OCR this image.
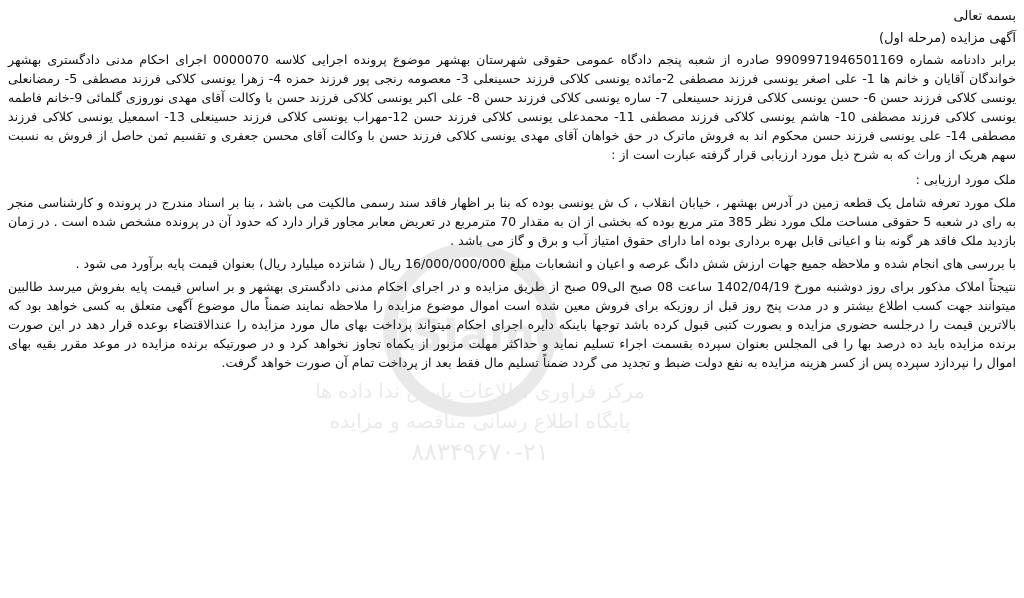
بسمه تعالی

آگهی مزایده (مرحله اول)

برابر دادنامه شماره 9909971946501169 صادره از شعبه پنجم دادگاه عمومی حقوقی شهرستان بهشهر موضوع پرونده اجرایی کلاسه 0000070 اجرای احکام مدنی دادگستری بهشهر خواندگان آقایان و خانم ها 1- علی اصغر یونسی فرزند مصطفی 2-مائده یونسی کلاکی فرزند حسینعلی 3- معصومه رنجی پور فرزند حمزه 4- زهرا یونسی کلاکی فرزند مصطفی 5- رمضانعلی یونسی کلاکی فرزند حسن 6- حسن یونسی کلاکی فرزند حسینعلی 7- ساره یونسی کلاکی فرزند حسن 8- علی اکبر یونسی کلاکی فرزند حسن با وکالت آقای مهدی نوروزی گلمائی 9-خانم فاطمه یونسی کلاکی فرزند مصطفی 10- هاشم یونسی کلاکی فرزند مصطفی 11- محمدعلی یونسی کلاکی فرزند حسن 12-مهراب یونسی کلاکی فرزند حسینعلی 13- اسمعیل یونسی کلاکی فرزند مصطفی 14- علی یونسی فرزند حسن محکوم اند به فروش ماترک در حق خواهان آقای مهدی یونسی کلاکی فرزند حسن با وکالت آقای محسن جعفری و تقسیم ثمن حاصل از فروش به نسبت سهم هریک از وراث که به شرح ذیل مورد ارزیابی قرار گرفته عبارت است از :

ملک مورد ارزیابی :

ملک مورد تعرفه شامل یک قطعه زمین در آدرس بهشهر ، خیابان انقلاب ، ک ش یونسی بوده که بنا بر اظهار فاقد سند رسمی مالکیت می باشد ، بنا بر اسناد مندرج در پرونده و کارشناسی منجر به رای در شعبه 5 حقوقی مساحت ملک مورد نظر 385 متر مربع بوده که بخشی از ان به مقدار 70 مترمربع در تعریض معابر مجاور قرار دارد که حدود آن در پرونده مشخص شده است . در زمان بازدید ملک فاقد هر گونه بنا و اعیانی قابل بهره برداری بوده اما دارای حقوق امتیاز آب و برق و گاز می باشد .

با بررسی های انجام شده و ملاحظه جمیع جهات ارزش شش دانگ عرصه و اعیان و انشعابات مبلغ 16/000/000/000 ریال ( شانزده میلیارد ریال) بعنوان قیمت پایه برآورد می شود .

نتیجتاً املاک مذکور برای روز دوشنبه مورخ 1402/04/19 ساعت 08 صبح الی09 صبح از طریق مزایده و در اجرای احکام مدنی دادگستری بهشهر و بر اساس قیمت پایه بفروش میرسد طالبین میتوانند جهت کسب اطلاع بیشتر و در مدت پنج روز قبل از روزیکه برای فروش معین شده است اموال موضوع مزایده را ملاحظه نمایند ضمناً مال موضوع آگهی متعلق به کسی خواهد بود که بالاترین قیمت را درجلسه حضوری مزایده و بصورت کتبی قبول کرده باشد توجها باینکه دایره اجرای احکام میتواند پرداخت بهای مال مورد مزایده را عندالاقتضاء بوعده قرار دهد در این صورت برنده مزایده باید ده درصد بها را فی المجلس بعنوان سپرده بقسمت اجراء تسلیم نماید و حداکثر مهلت مزبور از یکماه تجاوز نخواهد کرد و در صورتیکه برنده مزایده در موعد مقرر بقیه بهای اموال را نپردازد سپرده پس از کسر هزینه مزایده به نفع دولت ضبط و تجدید می گردد ضمناً تسلیم مال فقط بعد از پرداخت تمام آن صورت خواهد گرفت.

ISIamo
مرکز فراوری اطلاعات پارس ندا داده ها
پایگاه اطلاع رسانی مناقصه و مزایده
۸۸۳۴۹۶۷۰-۲۱
